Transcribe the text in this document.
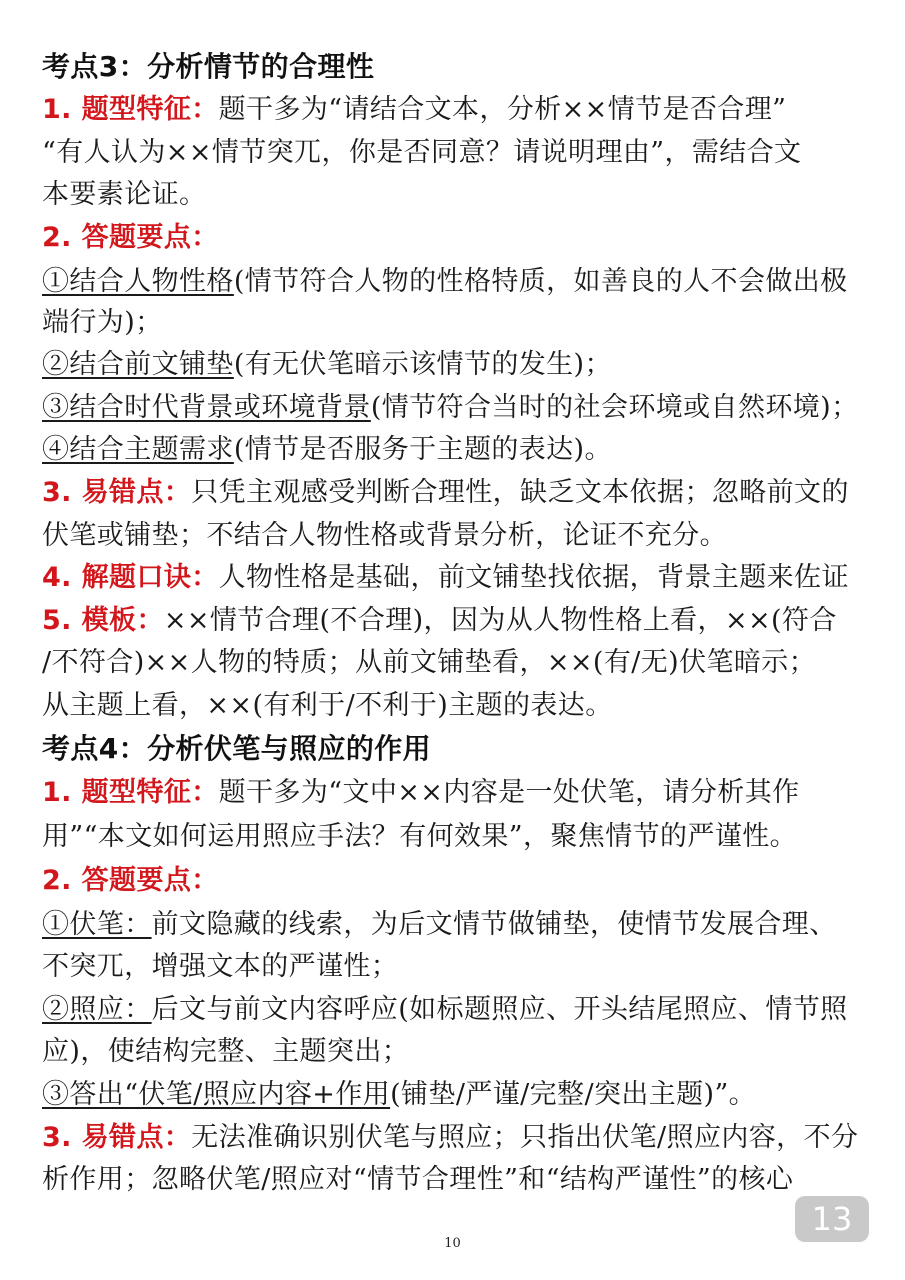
考点3：分析情节的合理性
1. 题型特征：题干多为“请结合文本，分析××情节是否合理”
“有人认为××情节突兀，你是否同意？请说明理由”，需结合文
本要素论证。
2. 答题要点：
①结合人物性格(情节符合人物的性格特质，如善良的人不会做出极
端行为)；
②结合前文铺垫(有无伏笔暗示该情节的发生)；
③结合时代背景或环境背景(情节符合当时的社会环境或自然环境)；
④结合主题需求(情节是否服务于主题的表达)。
3. 易错点：只凭主观感受判断合理性，缺乏文本依据；忽略前文的
伏笔或铺垫；不结合人物性格或背景分析，论证不充分。
4. 解题口诀：人物性格是基础，前文铺垫找依据，背景主题来佐证
5. 模板：××情节合理(不合理)，因为从人物性格上看，××(符合
/不符合)××人物的特质；从前文铺垫看，××(有/无)伏笔暗示；
从主题上看，××(有利于/不利于)主题的表达。
考点4：分析伏笔与照应的作用
1. 题型特征：题干多为“文中××内容是一处伏笔，请分析其作
用”“本文如何运用照应手法？有何效果”，聚焦情节的严谨性。
2. 答题要点：
①伏笔：前文隐藏的线索，为后文情节做铺垫，使情节发展合理、
不突兀，增强文本的严谨性；
②照应：后文与前文内容呼应(如标题照应、开头结尾照应、情节照
应)，使结构完整、主题突出；
③答出“伏笔/照应内容+作用(铺垫/严谨/完整/突出主题)”。
3. 易错点：无法准确识别伏笔与照应；只指出伏笔/照应内容，不分
析作用；忽略伏笔/照应对“情节合理性”和“结构严谨性”的核心
13
10
